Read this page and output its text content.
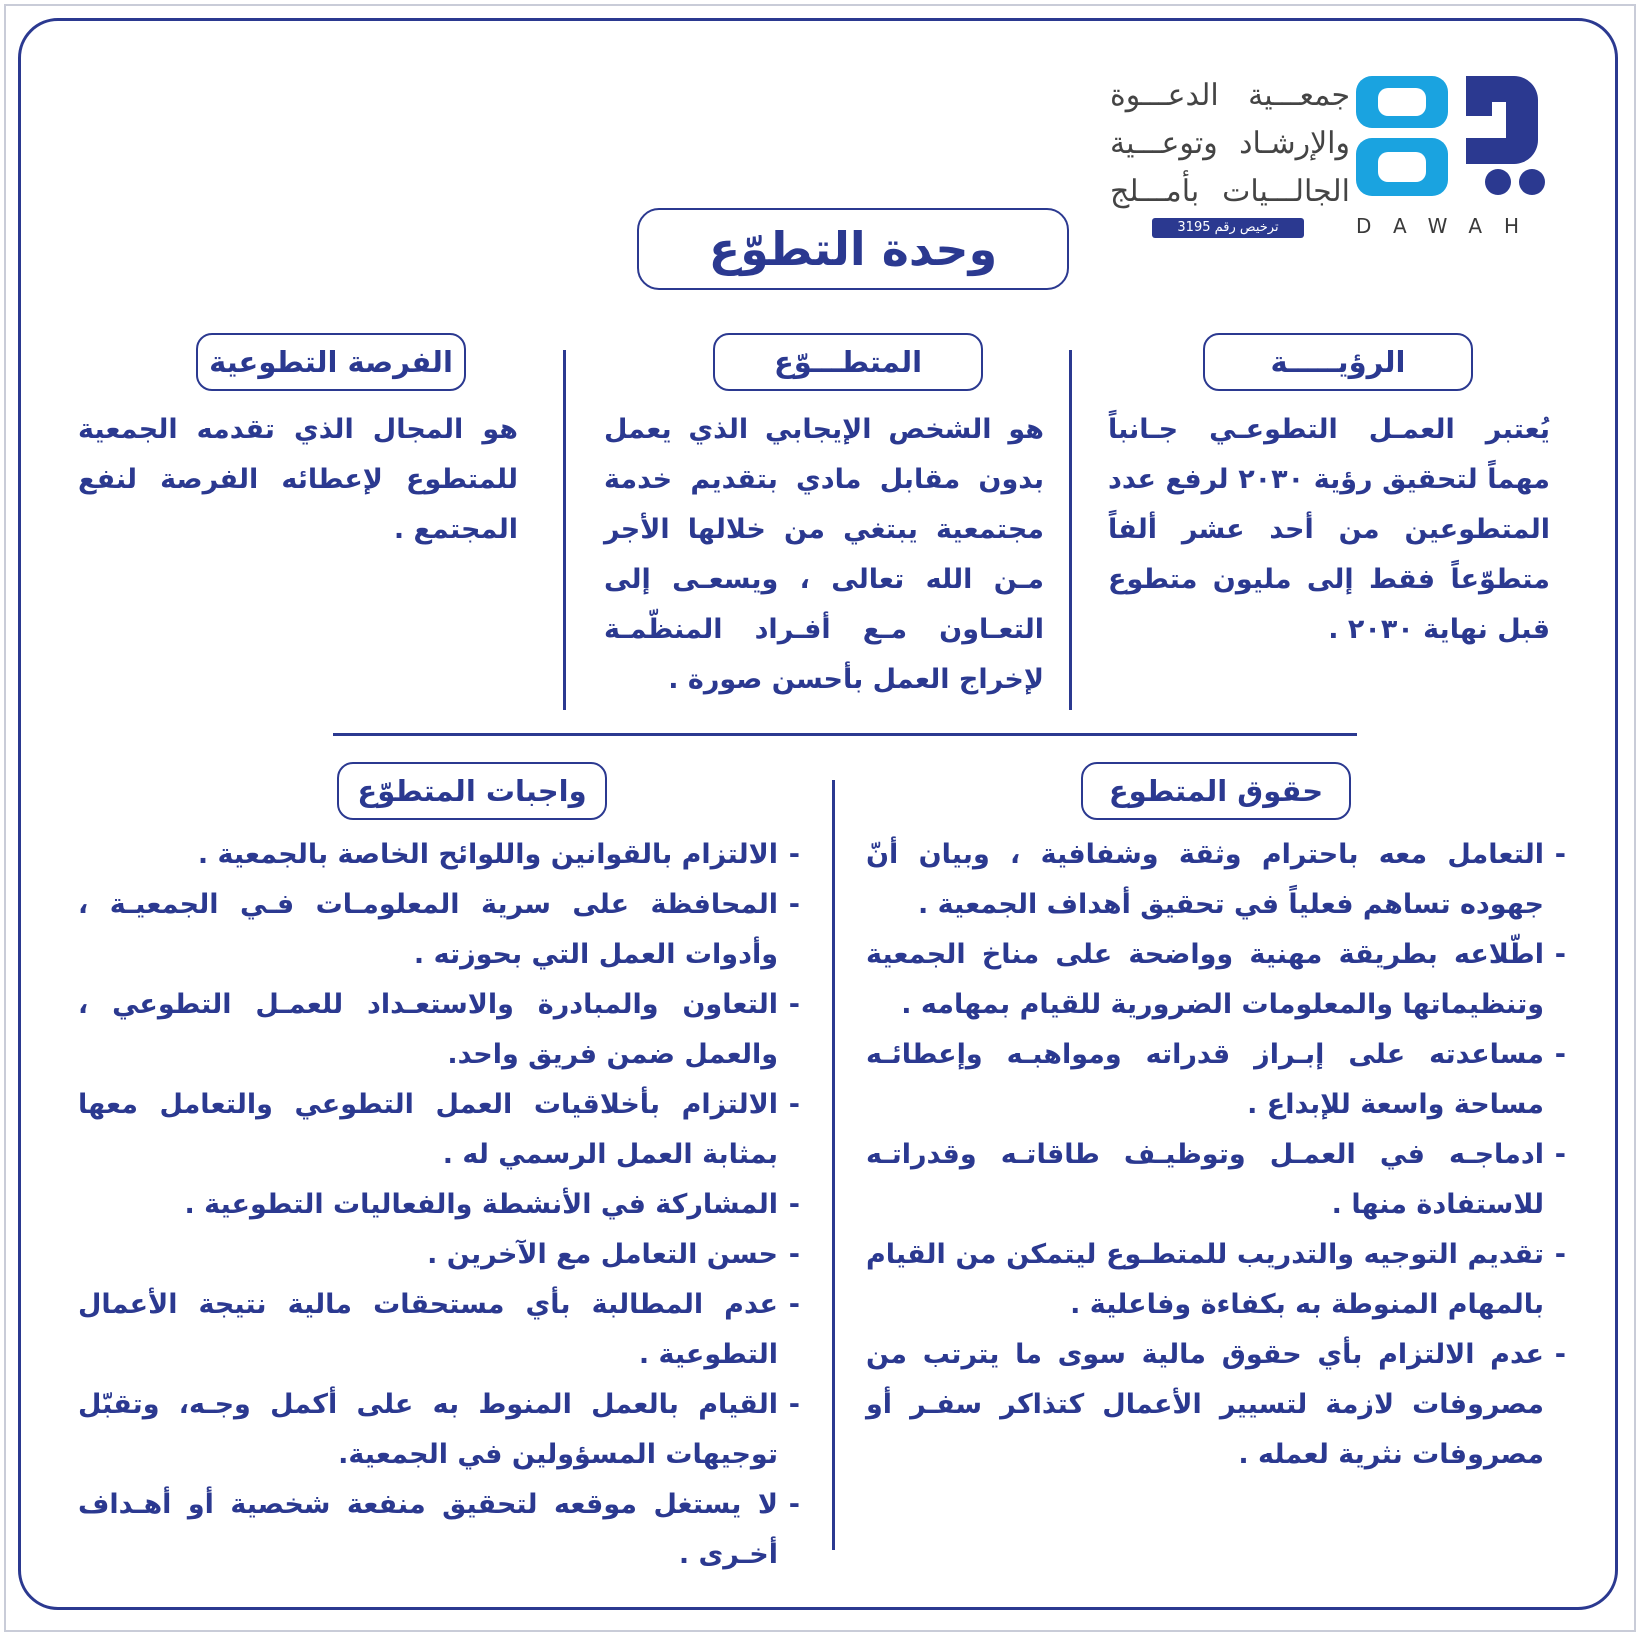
جمعـــية الدعـــوة
والإرشـاد وتوعـــية
الجالـــيات بأمـــلج
ترخيص رقم 3195	DAWAH
وحدة التطوّع
الرؤيـــــة
يُعتبر العمـل التطوعـي جـانباً مهماً لتحقيق رؤية ٢٠٣٠ لرفع عدد المتطوعين من أحد عشر ألفاً متطوّعاً فقط إلى مليون متطوع قبل نهاية ٢٠٣٠ .
المتطـــوّع
هو الشخص الإيجابي الذي يعمل بدون مقابل مادي بتقديم خدمة مجتمعية يبتغي من خلالها الأجر مـن الله تعالى ، ويسعـى إلى التعـاون مـع أفـراد المنظّمـة لإخراج العمل بأحسن صورة .
الفرصة التطوعية
هو المجال الذي تقدمه الجمعية للمتطوع لإعطائه الفرصة لنفع المجتمع .
حقوق المتطوع
- التعامل معه باحترام وثقة وشفافية ، وبيان أنّ جهوده تساهم فعلياً في تحقيق أهداف الجمعية .
- اطّلاعه بطريقة مهنية وواضحة على مناخ الجمعية وتنظيماتها والمعلومات الضرورية للقيام بمهامه .
- مساعدته على إبـراز قدراته ومواهبـه وإعطائـه مساحة واسعة للإبداع .
- ادماجـه في العمـل وتوظيـف طاقاتـه وقدراتـه للاستفادة منها .
- تقديم التوجيه والتدريب للمتطـوع ليتمكن من القيام بالمهام المنوطة به بكفاءة وفاعلية .
- عدم الالتزام بأي حقوق مالية سوى ما يترتب من مصروفات لازمة لتسيير الأعمال كتذاكر سفـر أو مصروفات نثرية لعمله .
واجبات المتطوّع
- الالتزام بالقوانين واللوائح الخاصة بالجمعية .
- المحافظة على سرية المعلومـات فـي الجمعيـة ، وأدوات العمل التي بحوزته .
- التعاون والمبادرة والاستعـداد للعمـل التطوعي ، والعمل ضمن فريق واحد.
- الالتزام بأخلاقيات العمل التطوعي والتعامل معها بمثابة العمل الرسمي له .
- المشاركة في الأنشطة والفعاليات التطوعية .
- حسن التعامل مع الآخرين .
- عدم المطالبة بأي مستحقات مالية نتيجة الأعمال التطوعية .
- القيام بالعمل المنوط به على أكمل وجـه، وتقبّل توجيهات المسؤولين في الجمعية.
- لا يستغل موقعه لتحقيق منفعة شخصية أو أهـداف أخـرى .
